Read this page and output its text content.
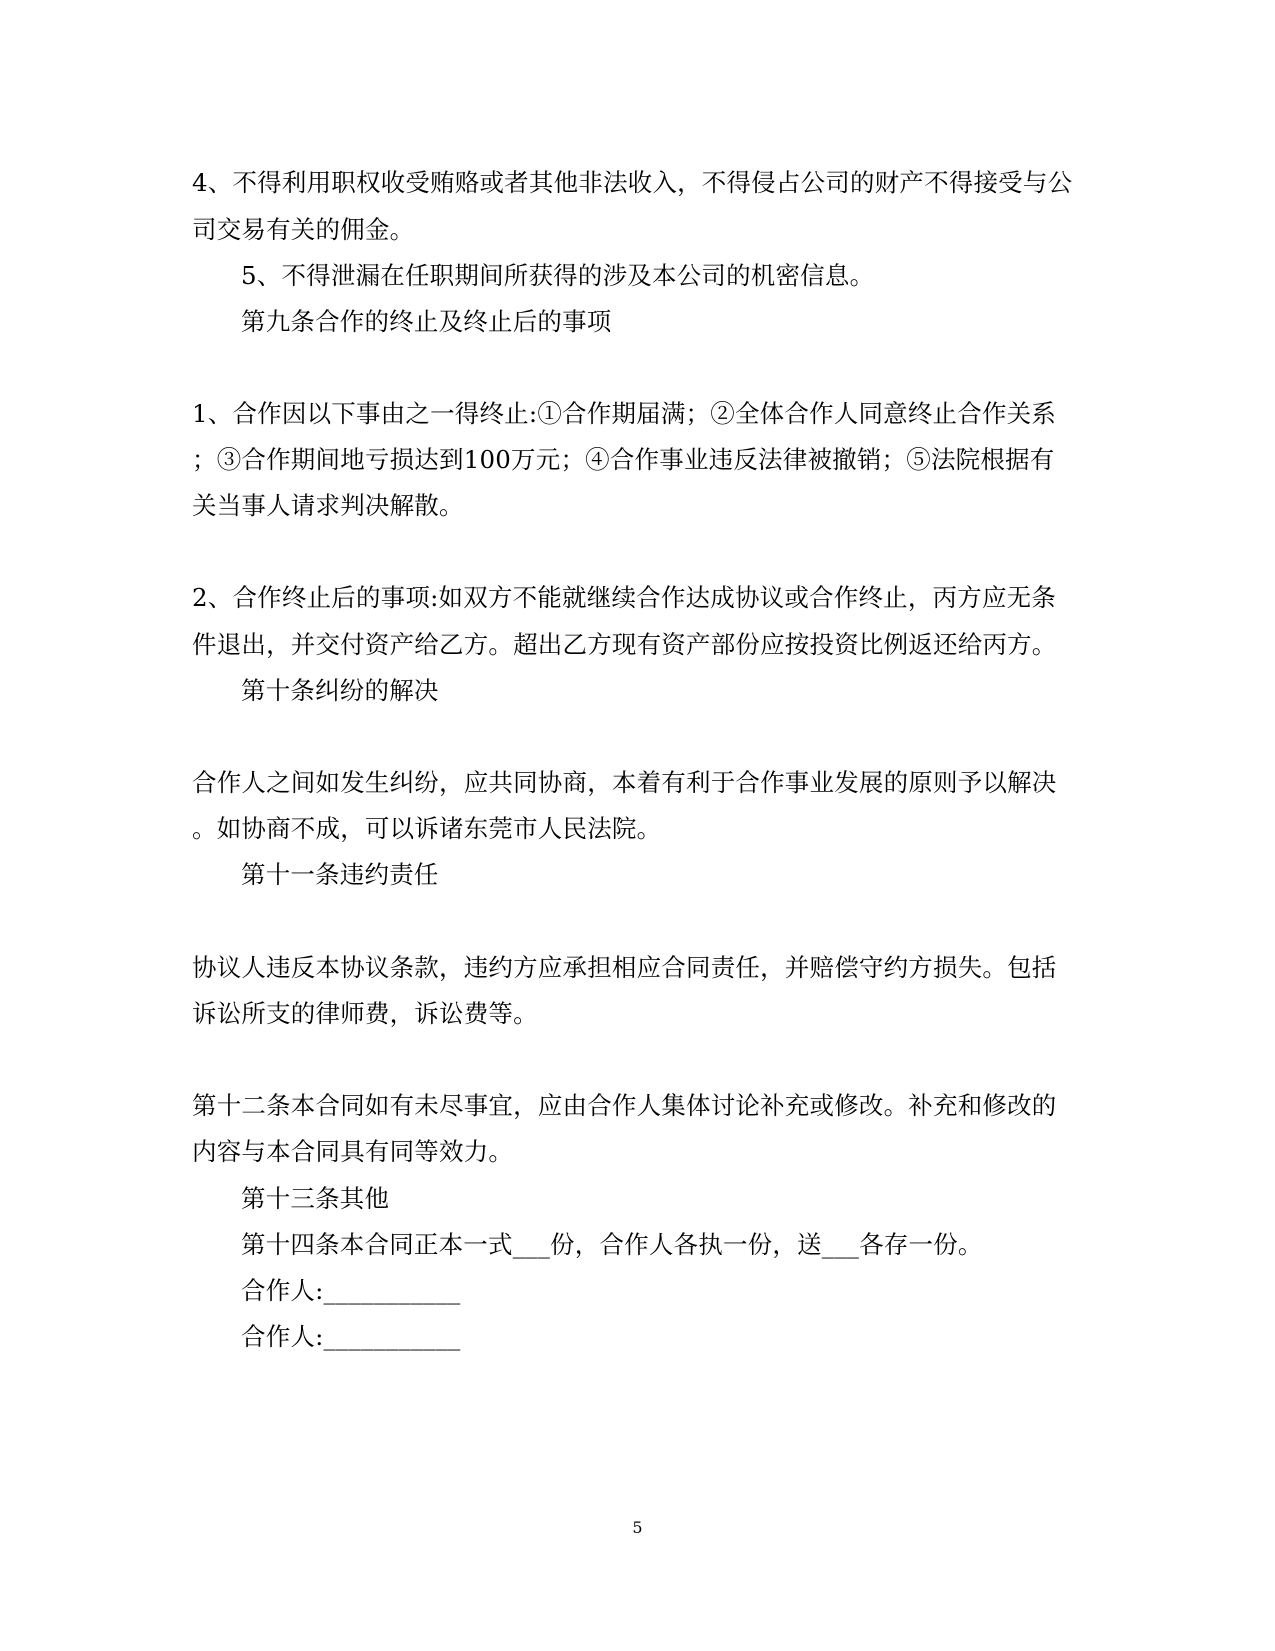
4、不得利用职权收受贿赂或者其他非法收入，不得侵占公司的财产不得接受与公
司交易有关的佣金。
5、不得泄漏在任职期间所获得的涉及本公司的机密信息。
第九条合作的终止及终止后的事项
1、合作因以下事由之一得终止:①合作期届满；②全体合作人同意终止合作关系
；③合作期间地亏损达到100万元；④合作事业违反法律被撤销；⑤法院根据有
关当事人请求判决解散。
2、合作终止后的事项:如双方不能就继续合作达成协议或合作终止，丙方应无条
件退出，并交付资产给乙方。超出乙方现有资产部份应按投资比例返还给丙方。
第十条纠纷的解决
合作人之间如发生纠纷，应共同协商，本着有利于合作事业发展的原则予以解决
。如协商不成，可以诉诸东莞市人民法院。
第十一条违约责任
协议人违反本协议条款，违约方应承担相应合同责任，并赔偿守约方损失。包括
诉讼所支的律师费，诉讼费等。
第十二条本合同如有未尽事宜，应由合作人集体讨论补充或修改。补充和修改的
内容与本合同具有同等效力。
第十三条其他
第十四条本合同正本一式___份，合作人各执一份，送___各存一份。
合作人:___________
合作人:___________
5
